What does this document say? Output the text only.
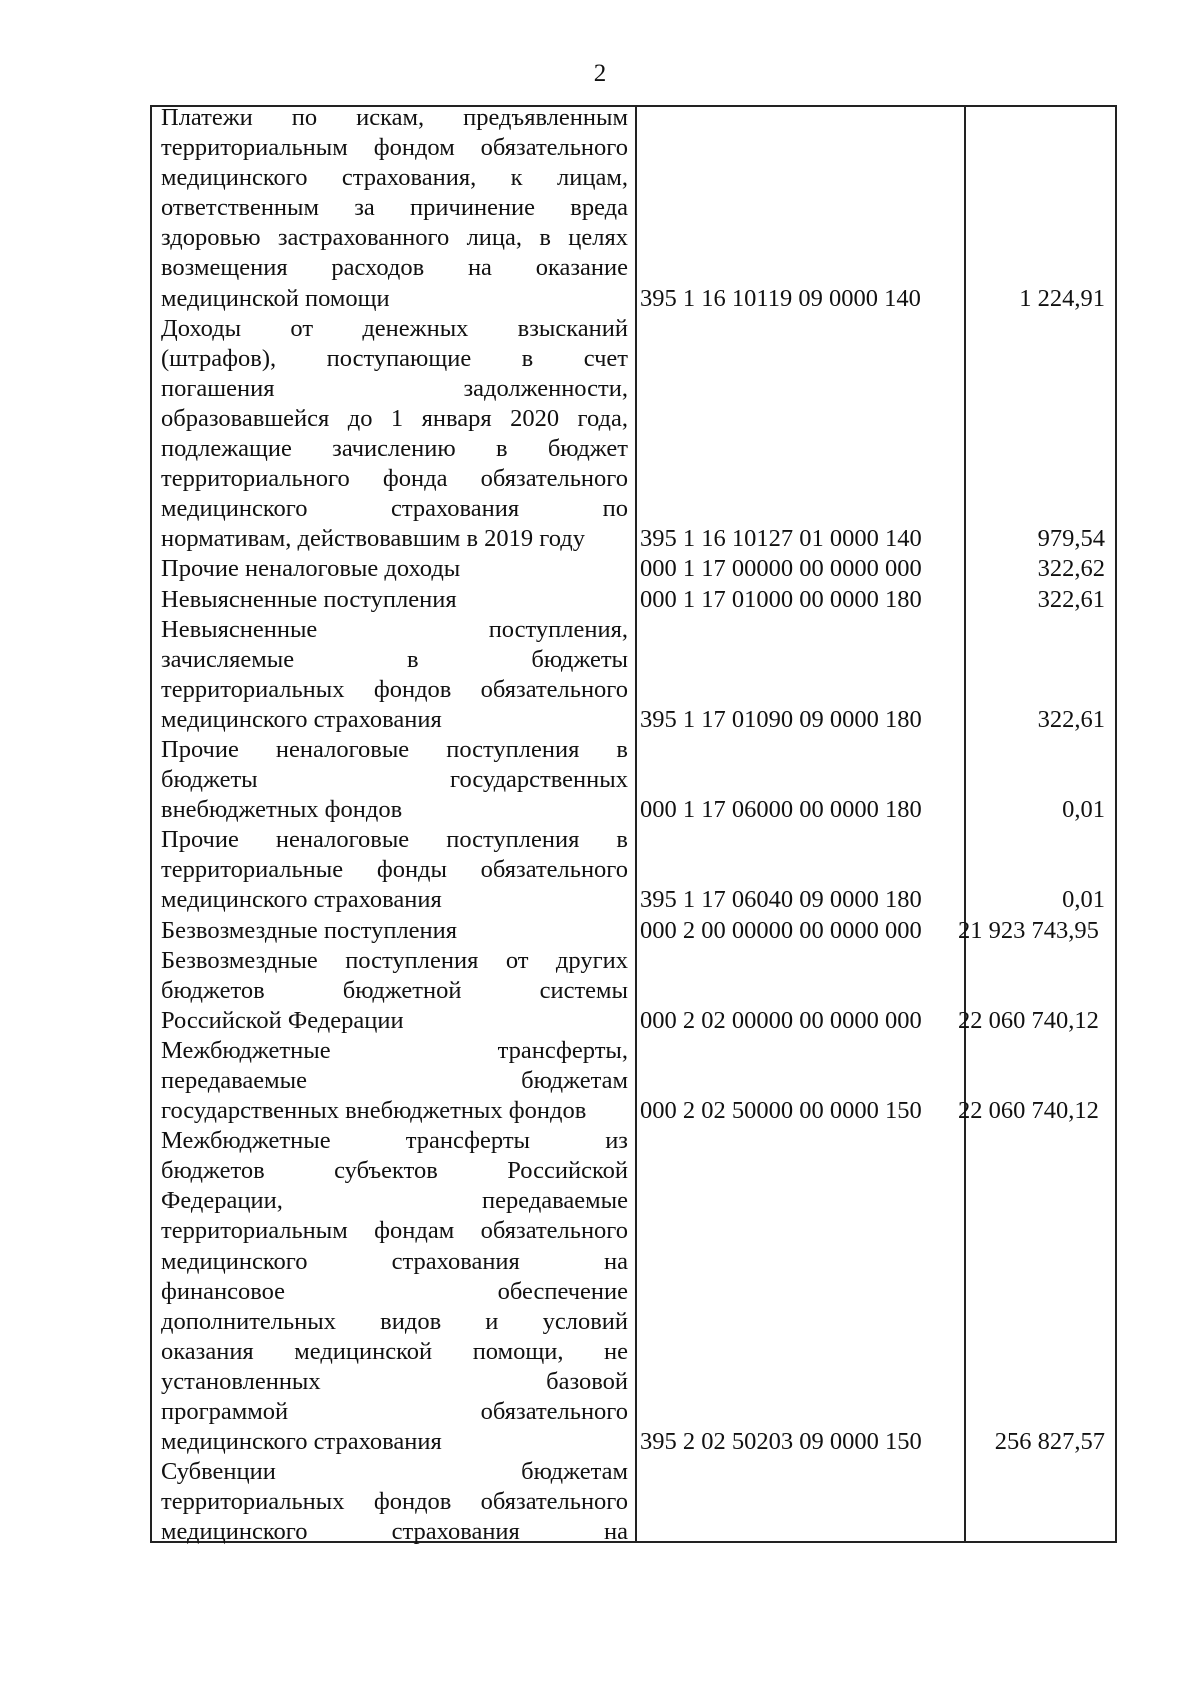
2
Платежи по искам, предъявленным
территориальным фондом обязательного
медицинского страхования, к лицам,
ответственным за причинение вреда
здоровью застрахованного лица, в целях
возмещения расходов на оказание
медицинской помощи	395 1 16 10119 09 0000 140	1 224,91
Доходы от денежных взысканий
(штрафов), поступающие в счет
погашения задолженности,
образовавшейся до 1 января 2020 года,
подлежащие зачислению в бюджет
территориального фонда обязательного
медицинского страхования по
нормативам, действовавшим в 2019 году	395 1 16 10127 01 0000 140	979,54
Прочие неналоговые доходы	000 1 17 00000 00 0000 000	322,62
Невыясненные поступления	000 1 17 01000 00 0000 180	322,61
Невыясненные поступления,
зачисляемые в бюджеты
территориальных фондов обязательного
медицинского страхования	395 1 17 01090 09 0000 180	322,61
Прочие неналоговые поступления в
бюджеты государственных
внебюджетных фондов	000 1 17 06000 00 0000 180	0,01
Прочие неналоговые поступления в
территориальные фонды обязательного
медицинского страхования	395 1 17 06040 09 0000 180	0,01
Безвозмездные поступления	000 2 00 00000 00 0000 000	21 923 743,95
Безвозмездные поступления от других
бюджетов бюджетной системы
Российской Федерации	000 2 02 00000 00 0000 000	22 060 740,12
Межбюджетные трансферты,
передаваемые бюджетам
государственных внебюджетных фондов	000 2 02 50000 00 0000 150	22 060 740,12
Межбюджетные трансферты из
бюджетов субъектов Российской
Федерации, передаваемые
территориальным фондам обязательного
медицинского страхования на
финансовое обеспечение
дополнительных видов и условий
оказания медицинской помощи, не
установленных базовой
программой обязательного
медицинского страхования	395 2 02 50203 09 0000 150	256 827,57
Субвенции бюджетам
территориальных фондов обязательного
медицинского страхования на
